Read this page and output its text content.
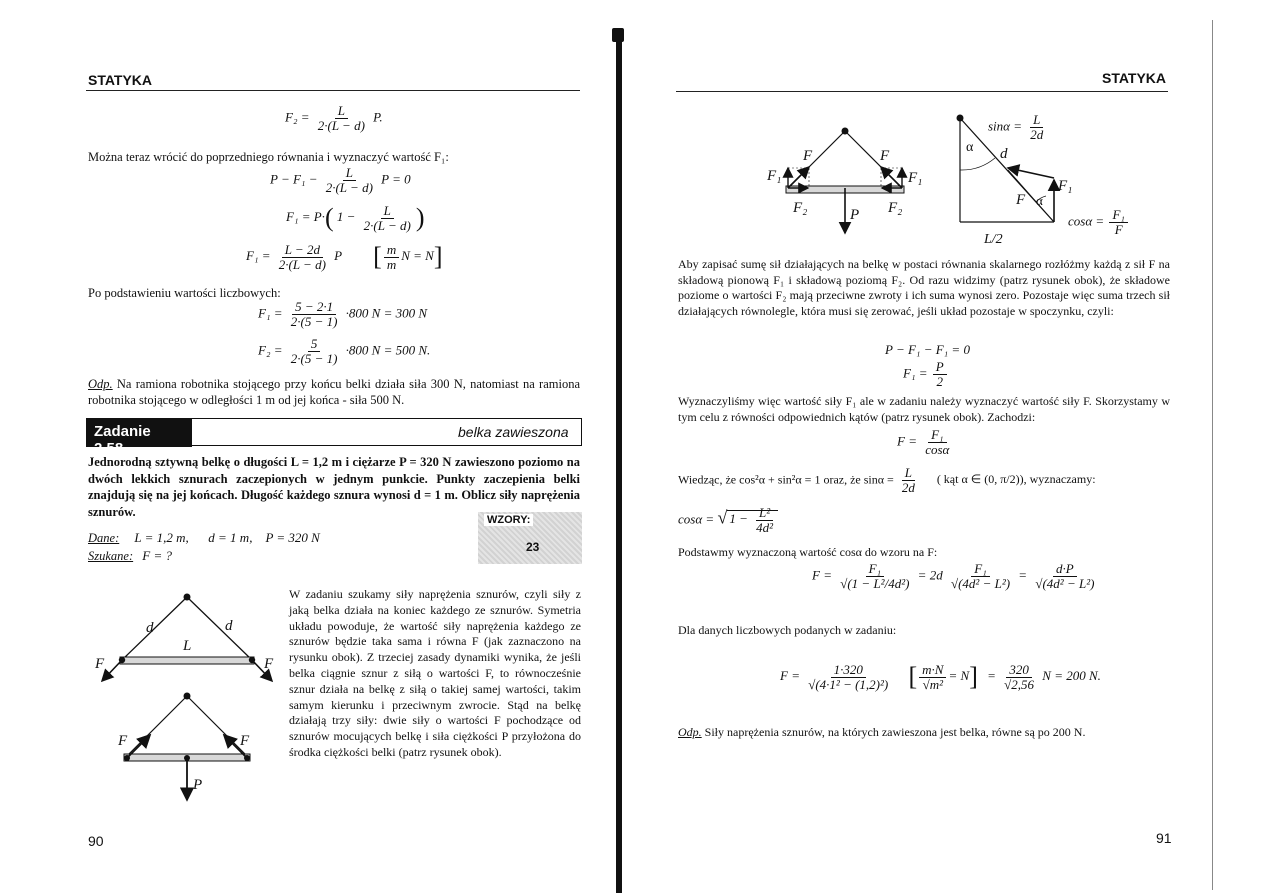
STATYKA
$F_2 = \frac{L}{2\cdot(L - d)} P$.
Można teraz wrócić do poprzedniego równania i wyznaczyć wartość F₁:
$P - F_1 - \frac{L}{2\cdot(L - d)}$ P = 0
F₁ = P·( $1 - \frac{L}{2\cdot(L - d)}$ )
$F_1 = \frac{L - 2d}{2\cdot(L - d)}$ P [ $\frac{m}{m}$ N = N]
Po podstawieniu wartości liczbowych:
$F_1 = \frac{5 - 2\cdot 1}{2\cdot(5 - 1)} \cdot 800$ N = 300 N
$F_2 = \frac{5}{2\cdot(5 - 1)} \cdot 800$ N = 500 N.
Odp. Na ramiona robotnika stojącego przy końcu belki działa siła 300 N, natomiast na ramiona robotnika stojącego w odległości 1 m od jej końca - siła 500 N.
Zadanie 2.58
belka zawieszona
Jednorodną sztywną belkę o długości L = 1,2 m i ciężarze P = 320 N zawieszono poziomo na dwóch lekkich sznurach zaczepionych w jednym punkcie. Punkty zaczepienia belki znajdują się na jej końcach. Długość każdego sznura wynosi d = 1 m. Oblicz siły naprężenia sznurów.
WZORY:
23
Dane: L = 1,2 m,      d = 1 m,    P = 320 N
Szukane: F = ?
d	d
L
F	F
F	F
P
W zadaniu szukamy siły naprężenia sznurów, czyli siły z jaką belka działa na koniec każdego ze sznurów. Symetria układu powoduje, że wartość siły naprężenia każdego ze sznurów będzie taka sama i równa F (jak zaznaczono na rysunku obok). Z trzeciej zasady dynamiki wynika, że jeśli belka ciągnie sznur z siłą o wartości F, to równocześnie sznur działa na belkę z siłą o takiej samej wartości, takim samym kierunku i przeciwnym zwrocie. Stąd na belkę działają trzy siły: dwie siły o wartości F pochodzące od sznurów mocujących belkę i siła ciężkości P przyłożona do środka ciężkości belki (patrz rysunek obok).
90
STATYKA
F	F
F₁	F₁
F₂	F₂
P
$\sin\alpha = \frac{L}{2d}$
α d
F α
F₁
$\cos\alpha = \frac{\text{F₁}}{F}$
L/2
Aby zapisać sumę sił działających na belkę w postaci równania skalarnego rozłóżmy każdą z sił F na składową pionową F₁ i składową poziomą F₂. Od razu widzimy (patrz rysunek obok), że składowe poziome o wartości F₂ mają przeciwne zwroty i ich suma wynosi zero. Pozostaje więc suma trzech sił działających równolegle, która musi się zerować, jeśli układ pozostaje w spoczynku, czyli:
P − F₁ − F₁ = 0
$F_1 = \frac{P}{2}$
Wyznaczyliśmy więc wartość siły F₁ ale w zadaniu należy wyznaczyć wartość siły F. Skorzystamy w tym celu z równości odpowiednich kątów (patrz rysunek obok). Zachodzi:
$F = \frac{\text{F₁}}{\cos\alpha}$
Wiedząc, że cos²α + sin²α = 1 oraz, że $\sin\alpha = \frac{L}{2d}$ ( kąt α ∈ (0, π/2)), wyznaczamy:
cosα = √ $1 - \frac{\text{L²}}{\text{4d²}}$
Podstawmy wyznaczoną wartość cosα do wzoru na F:
$F = \frac{\text{F₁}}{\text{√(1 − L²/4d²)}} = 2d \frac{\text{F₁}}{\text{√(4d² − L²)}} = \frac{d\cdot P}{\text{√(4d² − L²)}}$
Dla danych liczbowych podanych w zadaniu:
$F = \frac{1\cdot 320}{\text{√(4·1² − (1,2)²)}}$ [ $\frac{m\cdot N}{\text{√m²}} = N] = \frac{320}{√2,56}$ N = 200 N.
Odp. Siły naprężenia sznurów, na których zawieszona jest belka, równe są po 200 N.
91
